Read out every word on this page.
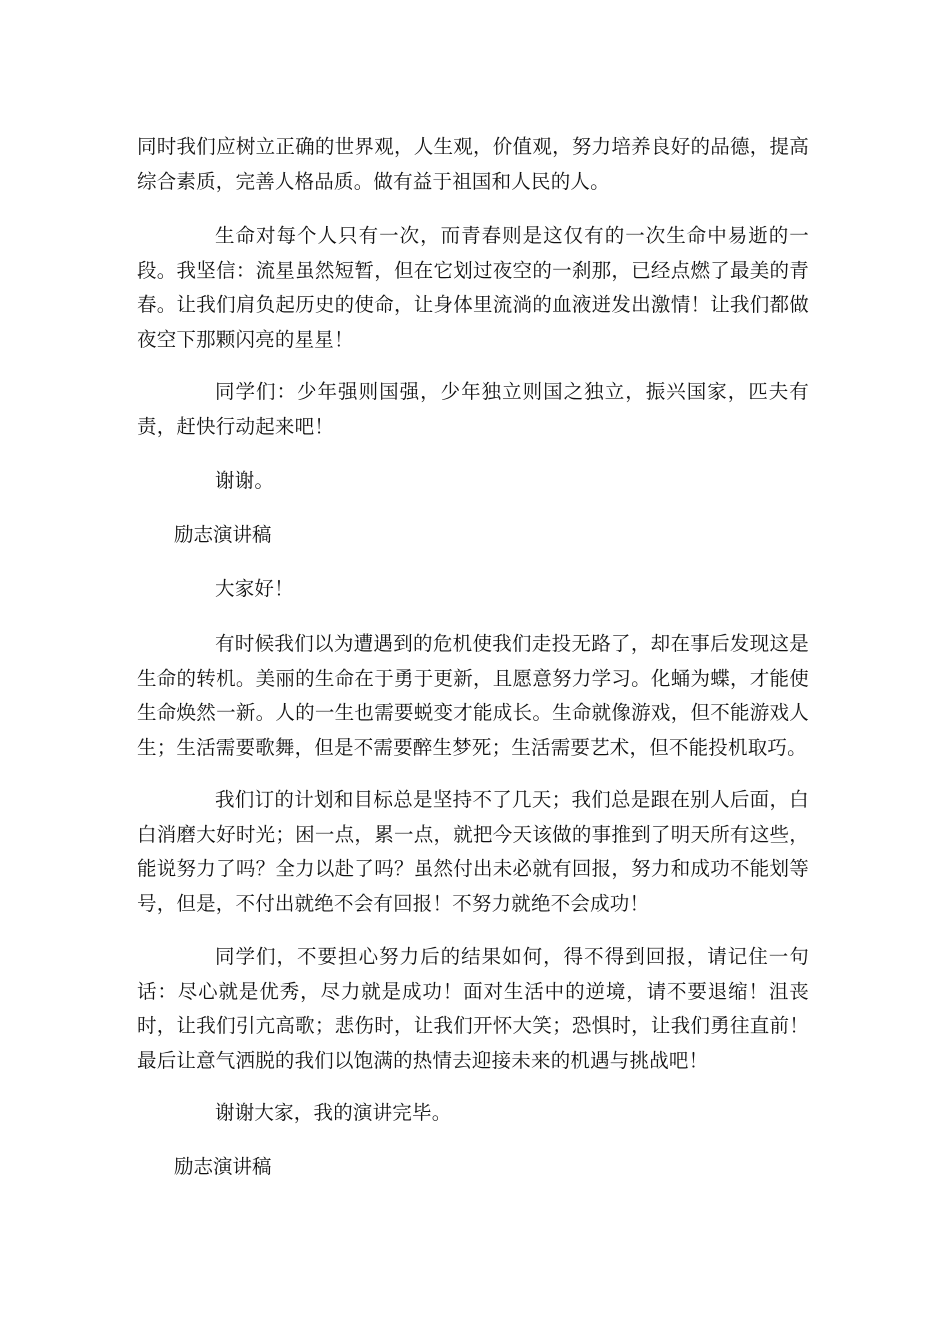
同时我们应树立正确的世界观，人生观，价值观，努力培养良好的品德，提高综合素质，完善人格品质。做有益于祖国和人民的人。

生命对每个人只有一次，而青春则是这仅有的一次生命中易逝的一段。我坚信：流星虽然短暂，但在它划过夜空的一刹那，已经点燃了最美的青春。让我们肩负起历史的使命，让身体里流淌的血液迸发出激情！让我们都做夜空下那颗闪亮的星星！

同学们：少年强则国强，少年独立则国之独立，振兴国家，匹夫有责，赶快行动起来吧！

谢谢。

励志演讲稿

大家好！

有时候我们以为遭遇到的危机使我们走投无路了，却在事后发现这是生命的转机。美丽的生命在于勇于更新，且愿意努力学习。化蛹为蝶，才能使生命焕然一新。人的一生也需要蜕变才能成长。生命就像游戏，但不能游戏人生；生活需要歌舞，但是不需要醉生梦死；生活需要艺术，但不能投机取巧。

我们订的计划和目标总是坚持不了几天；我们总是跟在别人后面，白白消磨大好时光；困一点，累一点，就把今天该做的事推到了明天所有这些，能说努力了吗？全力以赴了吗？虽然付出未必就有回报，努力和成功不能划等号，但是，不付出就绝不会有回报！不努力就绝不会成功！

同学们，不要担心努力后的结果如何，得不得到回报，请记住一句话：尽心就是优秀，尽力就是成功！面对生活中的逆境，请不要退缩！沮丧时，让我们引亢高歌；悲伤时，让我们开怀大笑；恐惧时，让我们勇往直前！最后让意气洒脱的我们以饱满的热情去迎接未来的机遇与挑战吧！

谢谢大家，我的演讲完毕。

励志演讲稿
